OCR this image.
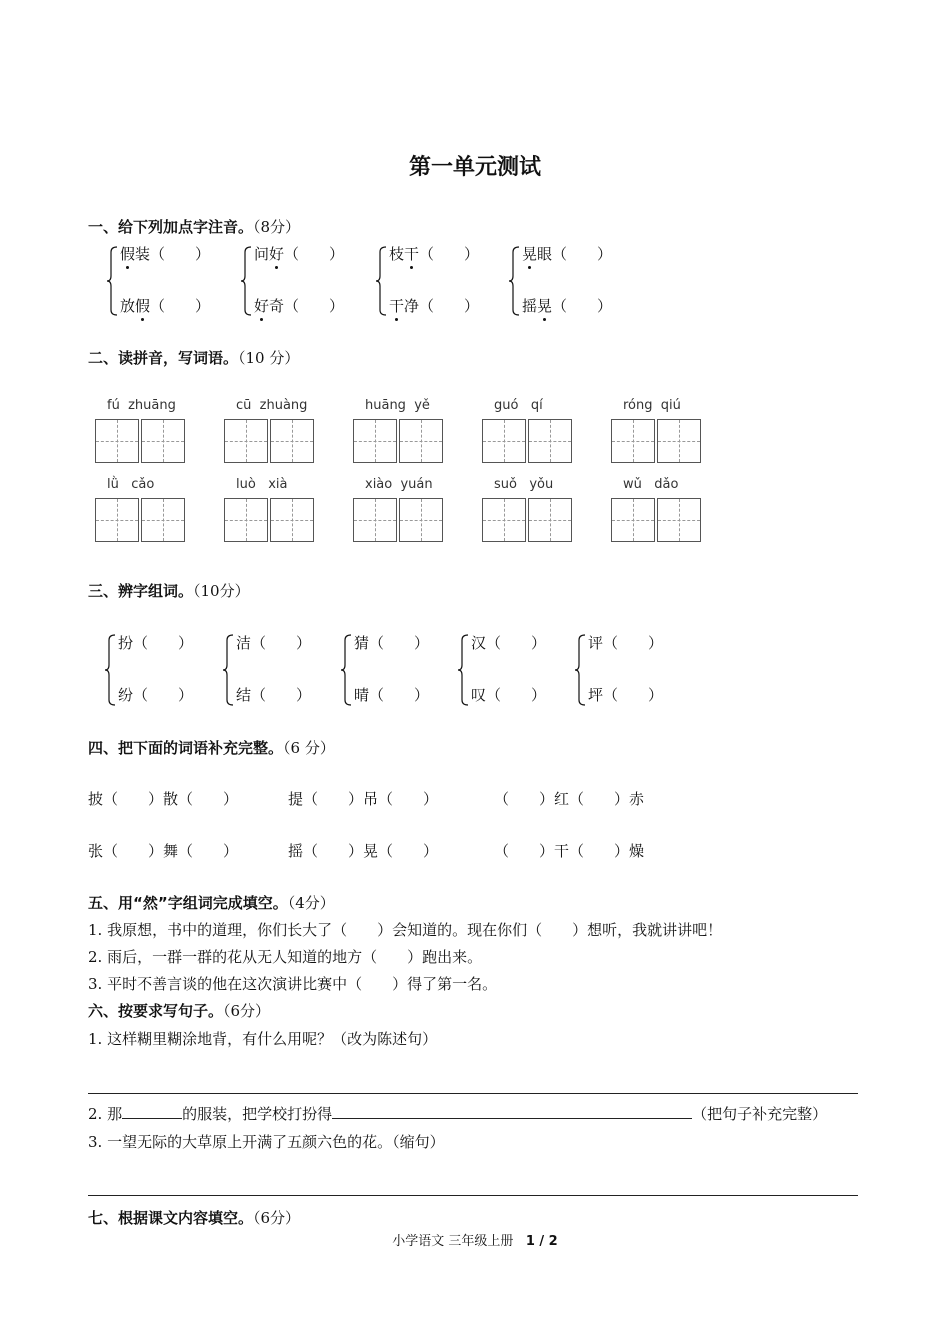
第一单元测试
一、给下列加点字注音。（8分）
假装（　　）
放假（　　）
问好（　　）
好奇（　　）
枝干（　　）
干净（　　）
晃眼（　　）
摇晃（　　）
二、读拼音，写词语。（10 分）
fú  zhuāng	cū  zhuàng	huāng  yě	guó   qí	róng  qiú
lǜ   cǎo	luò   xià	xiào  yuán	suǒ   yǒu	wǔ   dǎo
三、辨字组词。（10分）
扮（　　）
纷（　　）
洁（　　）
结（　　）
猜（　　）
晴（　　）
汉（　　）
叹（　　）
评（　　）
坪（　　）
四、把下面的词语补充完整。（6 分）
披（　　）散（　　）	提（　　）吊（　　）	（　　）红（　　）赤
张（　　）舞（　　）	摇（　　）晃（　　）	（　　）干（　　）燥
五、用“然”字组词完成填空。（4分）
1. 我原想，书中的道理，你们长大了（　　）会知道的。现在你们（　　）想听，我就讲讲吧！
2. 雨后，一群一群的花从无人知道的地方（　　）跑出来。
3. 平时不善言谈的他在这次演讲比赛中（　　）得了第一名。
六、按要求写句子。（6分）
1. 这样糊里糊涂地背，有什么用呢？（改为陈述句）
2. 那	的服装，把学校打扮得	（把句子补充完整）
3. 一望无际的大草原上开满了五颜六色的花。（缩句）
七、根据课文内容填空。（6分）
小学语文 三年级上册 1 / 2
